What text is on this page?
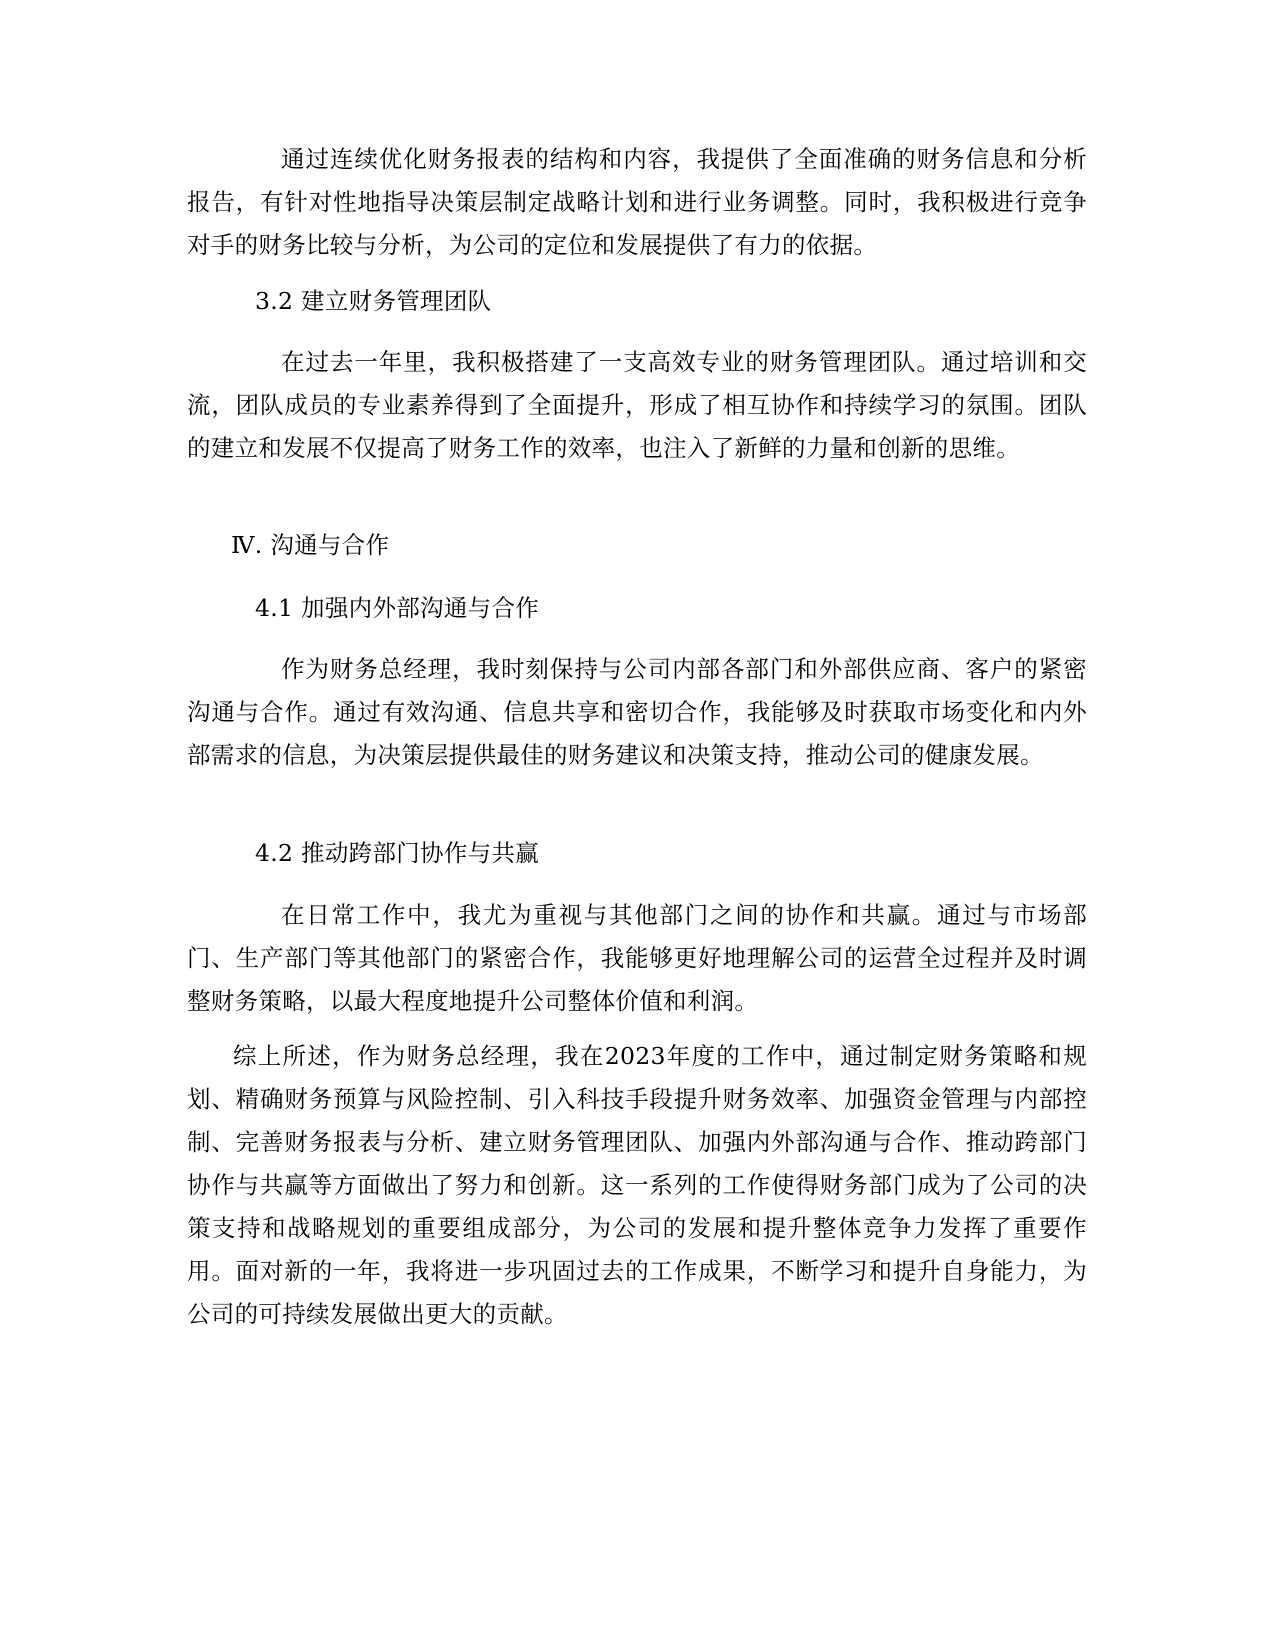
通过连续优化财务报表的结构和内容，我提供了全面准确的财务信息和分析报告，有针对性地指导决策层制定战略计划和进行业务调整。同时，我积极进行竞争对手的财务比较与分析，为公司的定位和发展提供了有力的依据。

3.2 建立财务管理团队

在过去一年里，我积极搭建了一支高效专业的财务管理团队。通过培训和交流，团队成员的专业素养得到了全面提升，形成了相互协作和持续学习的氛围。团队的建立和发展不仅提高了财务工作的效率，也注入了新鲜的力量和创新的思维。

Ⅳ. 沟通与合作

4.1 加强内外部沟通与合作

作为财务总经理，我时刻保持与公司内部各部门和外部供应商、客户的紧密沟通与合作。通过有效沟通、信息共享和密切合作，我能够及时获取市场变化和内外部需求的信息，为决策层提供最佳的财务建议和决策支持，推动公司的健康发展。

4.2 推动跨部门协作与共赢

在日常工作中，我尤为重视与其他部门之间的协作和共赢。通过与市场部门、生产部门等其他部门的紧密合作，我能够更好地理解公司的运营全过程并及时调整财务策略，以最大程度地提升公司整体价值和利润。

综上所述，作为财务总经理，我在2023年度的工作中，通过制定财务策略和规划、精确财务预算与风险控制、引入科技手段提升财务效率、加强资金管理与内部控制、完善财务报表与分析、建立财务管理团队、加强内外部沟通与合作、推动跨部门协作与共赢等方面做出了努力和创新。这一系列的工作使得财务部门成为了公司的决策支持和战略规划的重要组成部分，为公司的发展和提升整体竞争力发挥了重要作用。面对新的一年，我将进一步巩固过去的工作成果，不断学习和提升自身能力，为公司的可持续发展做出更大的贡献。
